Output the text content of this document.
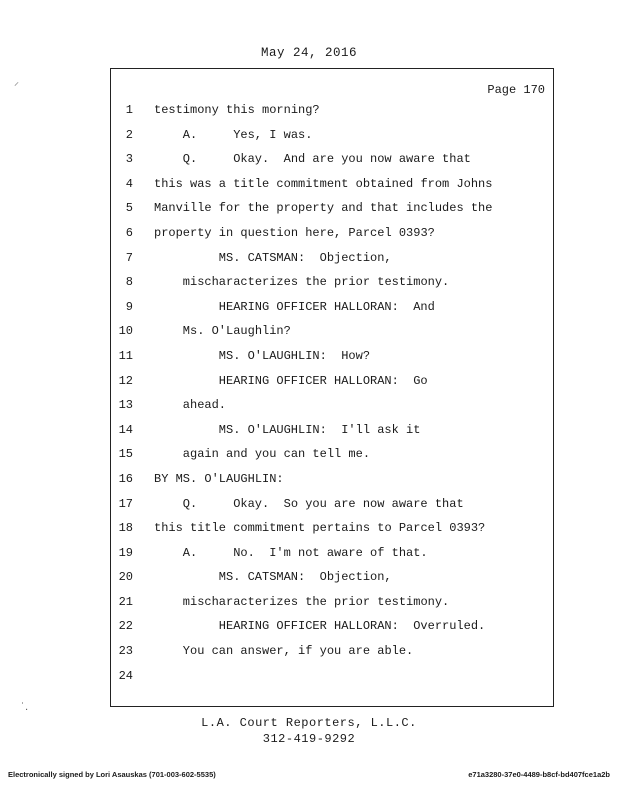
⸝
˙.
May 24, 2016
Page 170
1 testimony this morning?
2	A.     Yes, I was.
3	Q.     Okay.  And are you now aware that
4 this was a title commitment obtained from Johns
5 Manville for the property and that includes the
6 property in question here, Parcel 0393?
7	MS. CATSMAN:  Objection,
8 mischaracterizes the prior testimony.
9	HEARING OFFICER HALLORAN:  And
10 Ms. O'Laughlin?
11	MS. O'LAUGHLIN:  How?
12	HEARING OFFICER HALLORAN:  Go
13 ahead.
14	MS. O'LAUGHLIN:  I'll ask it
15 again and you can tell me.
16 BY MS. O'LAUGHLIN:
17	Q.     Okay.  So you are now aware that
18 this title commitment pertains to Parcel 0393?
19	A.     No.  I'm not aware of that.
20	MS. CATSMAN:  Objection,
21 mischaracterizes the prior testimony.
22	HEARING OFFICER HALLORAN:  Overruled.
23 You can answer, if you are able.
24
L.A. Court Reporters, L.L.C.
312-419-9292
Electronically signed by Lori Asauskas (701-003-602-5535)	e71a3280-37e0-4489-b8cf-bd407fce1a2b
